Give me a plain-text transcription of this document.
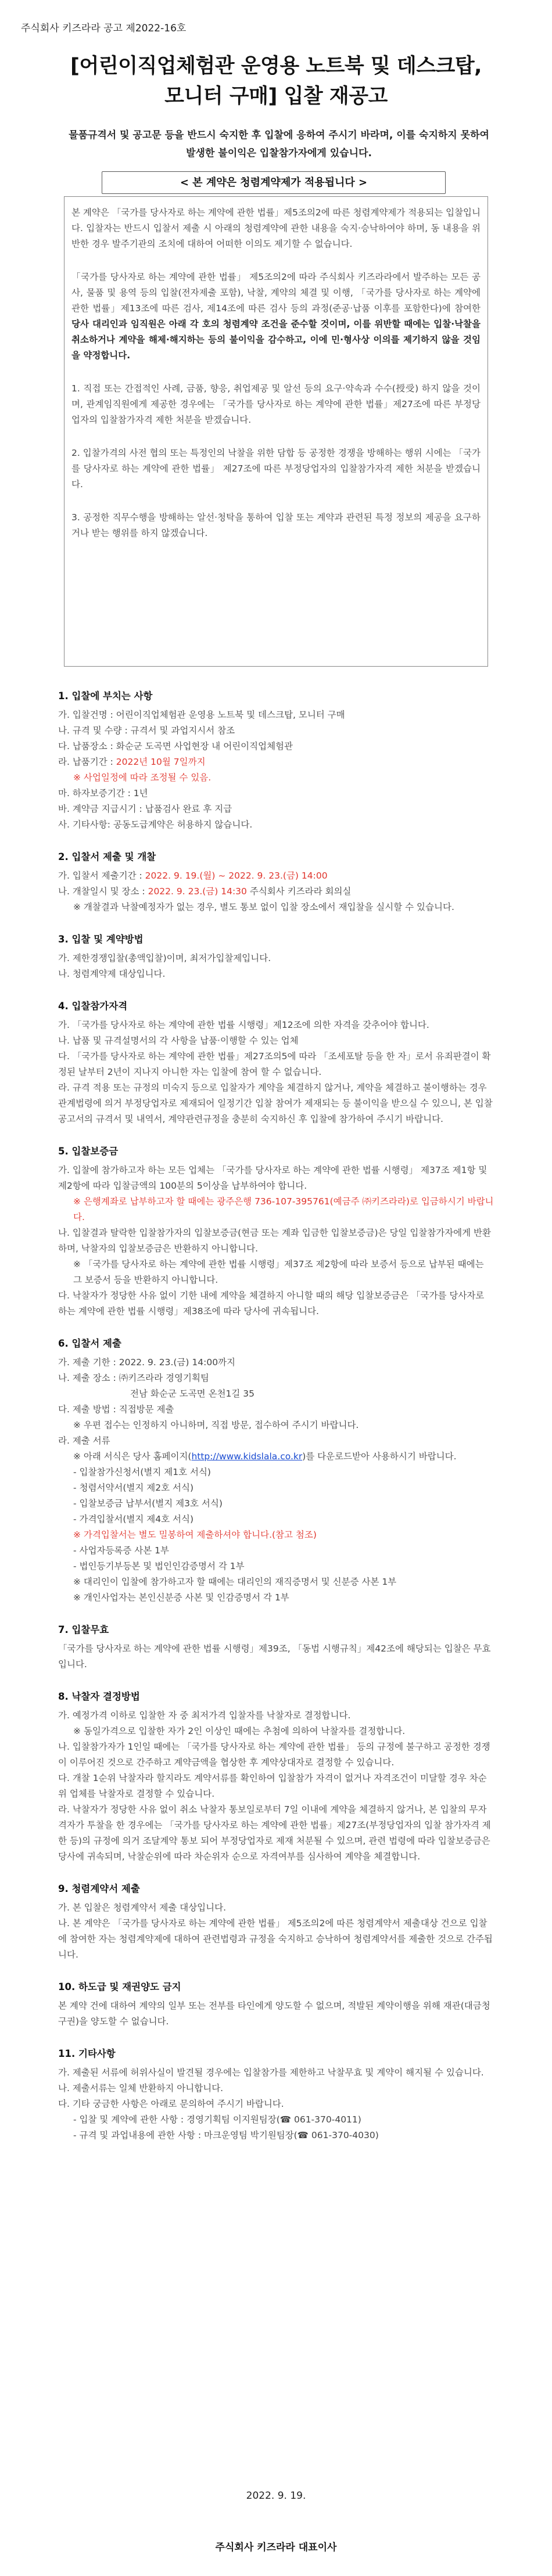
주식회사 키즈라라 공고 제2022-16호
[어린이직업체험관 운영용 노트북 및 데스크탑,
모니터 구매] 입찰 재공고
물품규격서 및 공고문 등을 반드시 숙지한 후 입찰에 응하여 주시기 바라며, 이를 숙지하지 못하여 발생한 불이익은 입찰참가자에게 있습니다.
< 본 계약은 청렴계약제가 적용됩니다 >

본 계약은 「국가를 당사자로 하는 계약에 관한 법률」제5조의2에 따른 청렴계약제가 적용되는 입찰입니다. 입찰자는 반드시 입찰서 제출 시 아래의 청렴계약에 관한 내용을 숙지·승낙하여야 하며, 동 내용을 위반한 경우 발주기관의 조치에 대하여 어떠한 이의도 제기할 수 없습니다.

「국가를 당사자로 하는 계약에 관한 법률」 제5조의2에 따라 주식회사 키즈라라에서 발주하는 모든 공사, 물품 및 용역 등의 입찰(전자제출 포함), 낙찰, 계약의 체결 및 이행, 「국가를 당사자로 하는 계약에 관한 법률」제13조에 따른 검사, 제14조에 따른 검사 등의 과정(준공·납품 이후를 포함한다)에 참여한 당사 대리인과 임직원은 아래 각 호의 청렴계약 조건을 준수할 것이며, 이를 위반할 때에는 입찰·낙찰을 취소하거나 계약을 해제·해지하는 등의 불이익을 감수하고, 이에 민·형사상 이의를 제기하지 않을 것임을 약정합니다.

1. 직접 또는 간접적인 사례, 금품, 향응, 취업제공 및 알선 등의 요구·약속과 수수(授受) 하지 않을 것이며, 관계임직원에게 제공한 경우에는 「국가를 당사자로 하는 계약에 관한 법률」제27조에 따른 부정당업자의 입찰참가자격 제한 처분을 받겠습니다.

2. 입찰가격의 사전 협의 또는 특정인의 낙찰을 위한 담합 등 공정한 경쟁을 방해하는 행위 시에는 「국가를 당사자로 하는 계약에 관한 법률」 제27조에 따른 부정당업자의 입찰참가자격 제한 처분을 받겠습니다.

3. 공정한 직무수행을 방해하는 알선·청탁을 통하여 입찰 또는 계약과 관련된 특정 정보의 제공을 요구하거나 받는 행위를 하지 않겠습니다.

1. 입찰에 부치는 사항
가. 입찰건명 : 어린이직업체험관 운영용 노트북 및 데스크탑, 모니터 구매
나. 규격 및 수량 : 규격서 및 과업지시서 참조
다. 납품장소 : 화순군 도곡면 사업현장 내 어린이직업체험관
라. 납품기간 : 2022년 10월 7일까지
※ 사업일정에 따라 조정될 수 있음.
마. 하자보증기간 : 1년
바. 계약금 지급시기 : 납품검사 완료 후 지급
사. 기타사항: 공동도급계약은 허용하지 않습니다.
2. 입찰서 제출 및 개찰
가. 입찰서 제출기간 : 2022. 9. 19.(월) ~ 2022. 9. 23.(금) 14:00
나. 개찰일시 및 장소 : 2022. 9. 23.(금) 14:30 주식회사 키즈라라 회의실
※ 개찰결과 낙찰예정자가 없는 경우, 별도 통보 없이 입찰 장소에서 재입찰을 실시할 수 있습니다.
3. 입찰 및 계약방법
가. 제한경쟁입찰(총액입찰)이며, 최저가입찰제입니다.
나. 청렴계약제 대상입니다.
4. 입찰참가자격
가. 「국가를 당사자로 하는 계약에 관한 법률 시행령」제12조에 의한 자격을 갖추어야 합니다.
나. 납품 및 규격설명서의 각 사항을 납품·이행할 수 있는 업체
다. 「국가를 당사자로 하는 계약에 관한 법률」제27조의5에 따라 「조세포탈 등을 한 자」로서 유죄판결이 확정된 날부터 2년이 지나지 아니한 자는 입찰에 참여 할 수 없습니다.
라. 규격 적용 또는 규정의 미숙지 등으로 입찰자가 계약을 체결하지 않거나, 계약을 체결하고 불이행하는 경우 관계법령에 의거 부정당업자로 제재되어 일정기간 입찰 참여가 제재되는 등 불이익을 받으실 수 있으니, 본 입찰공고서의 규격서 및 내역서, 계약관련규정을 충분히 숙지하신 후 입찰에 참가하여 주시기 바랍니다.
5. 입찰보증금
가. 입찰에 참가하고자 하는 모든 업체는 「국가를 당사자로 하는 계약에 관한 법률 시행령」 제37조 제1항 및 제2항에 따라 입찰금액의 100분의 5이상을 납부하여야 합니다.
※ 은행계좌로 납부하고자 할 때에는 광주은행 736-107-395761(예금주 ㈜키즈라라)로 입금하시기 바랍니다.
나. 입찰결과 탈락한 입찰참가자의 입찰보증금(현금 또는 계좌 입금한 입찰보증금)은 당일 입찰참가자에게 반환하며, 낙찰자의 입찰보증금은 반환하지 아니합니다.
※ 「국가를 당사자로 하는 계약에 관한 법률 시행령」제37조 제2항에 따라 보증서 등으로 납부된 때에는 그 보증서 등을 반환하지 아니합니다.
다. 낙찰자가 정당한 사유 없이 기한 내에 계약을 체결하지 아니할 때의 해당 입찰보증금은 「국가를 당사자로 하는 계약에 관한 법률 시행령」제38조에 따라 당사에 귀속됩니다.
6. 입찰서 제출
가. 제출 기한 : 2022. 9. 23.(금) 14:00까지
나. 제출 장소 : ㈜키즈라라 경영기획팀
전남 화순군 도곡면 온천1길 35
다. 제출 방법 : 직접방문 제출
※ 우편 접수는 인정하지 아니하며, 직접 방문, 접수하여 주시기 바랍니다.
라. 제출 서류
※ 아래 서식은 당사 홈페이지(http://www.kidslala.co.kr)를 다운로드받아 사용하시기 바랍니다.
- 입찰참가신청서(별지 제1호 서식)
- 청렴서약서(별지 제2호 서식)
- 입찰보증금 납부서(별지 제3호 서식)
- 가격입찰서(별지 제4호 서식)
※ 가격입찰서는 별도 밀봉하여 제출하셔야 합니다.(참고 첨조)
- 사업자등록증 사본 1부
- 법인등기부등본 및 법인인감증명서 각 1부
※ 대리인이 입찰에 참가하고자 할 때에는 대리인의 재직증명서 및 신분증 사본 1부
※ 개인사업자는 본인신분증 사본 및 인감증명서 각 1부
7. 입찰무효
「국가를 당사자로 하는 계약에 관한 법률 시행령」제39조, 「동법 시행규칙」제42조에 해당되는 입찰은 무효입니다.
8. 낙찰자 결정방법
가. 예정가격 이하로 입찰한 자 중 최저가격 입찰자를 낙찰자로 결정합니다.
※ 동일가격으로 입찰한 자가 2인 이상인 때에는 추첨에 의하여 낙찰자를 결정합니다.
나. 입찰참가자가 1인일 때에는 「국가를 당사자로 하는 계약에 관한 법률」 등의 규정에 불구하고 공정한 경쟁이 이루어진 것으로 간주하고 계약금액을 협상한 후 계약상대자로 결정할 수 있습니다.
다. 개찰 1순위 낙찰자라 할지라도 계약서류를 확인하여 입찰참가 자격이 없거나 자격조건이 미달할 경우 차순위 업체를 낙찰자로 결정할 수 있습니다.
라. 낙찰자가 정당한 사유 없이 취소 낙찰자 통보일로부터 7일 이내에 계약을 체결하지 않거나, 본 입찰의 무자격자가 투찰을 한 경우에는 「국가를 당사자로 하는 계약에 관한 법률」제27조(부정당업자의 입찰 참가자격 제한 등)의 규정에 의거 조달계약 통보 되어 부정당업자로 제재 처분될 수 있으며, 관련 법령에 따라 입찰보증금은 당사에 귀속되며, 낙찰순위에 따라 차순위자 순으로 자격여부를 심사하여 계약을 체결합니다.
9. 청렴계약서 제출
가. 본 입찰은 청렴계약서 제출 대상입니다.
나. 본 계약은 「국가를 당사자로 하는 계약에 관한 법률」 제5조의2에 따른 청렴계약서 제출대상 건으로 입찰에 참여한 자는 청렴계약제에 대하여 관련법령과 규정을 숙지하고 승낙하여 청렴계약서를 제출한 것으로 간주됩니다.
10. 하도급 및 재권양도 금지
본 계약 건에 대하여 계약의 일부 또는 전부를 타인에게 양도할 수 없으며, 적발된 계약이행을 위해 재관(대금청구권)을 양도할 수 없습니다.
11. 기타사항
가. 제출된 서류에 허위사실이 발견될 경우에는 입찰참가를 제한하고 낙찰무효 및 계약이 해지될 수 있습니다.
나. 제출서류는 일체 반환하지 아니합니다.
다. 기타 궁금한 사항은 아래로 문의하여 주시기 바랍니다.
- 입찰 및 계약에 관한 사항 : 경영기획팀 이지원팀장(☎ 061-370-4011)
- 규격 및 과업내용에 관한 사항 : 마크운영팀 박기원팀장(☎ 061-370-4030)
2022. 9. 19.
주식회사 키즈라라 대표이사
